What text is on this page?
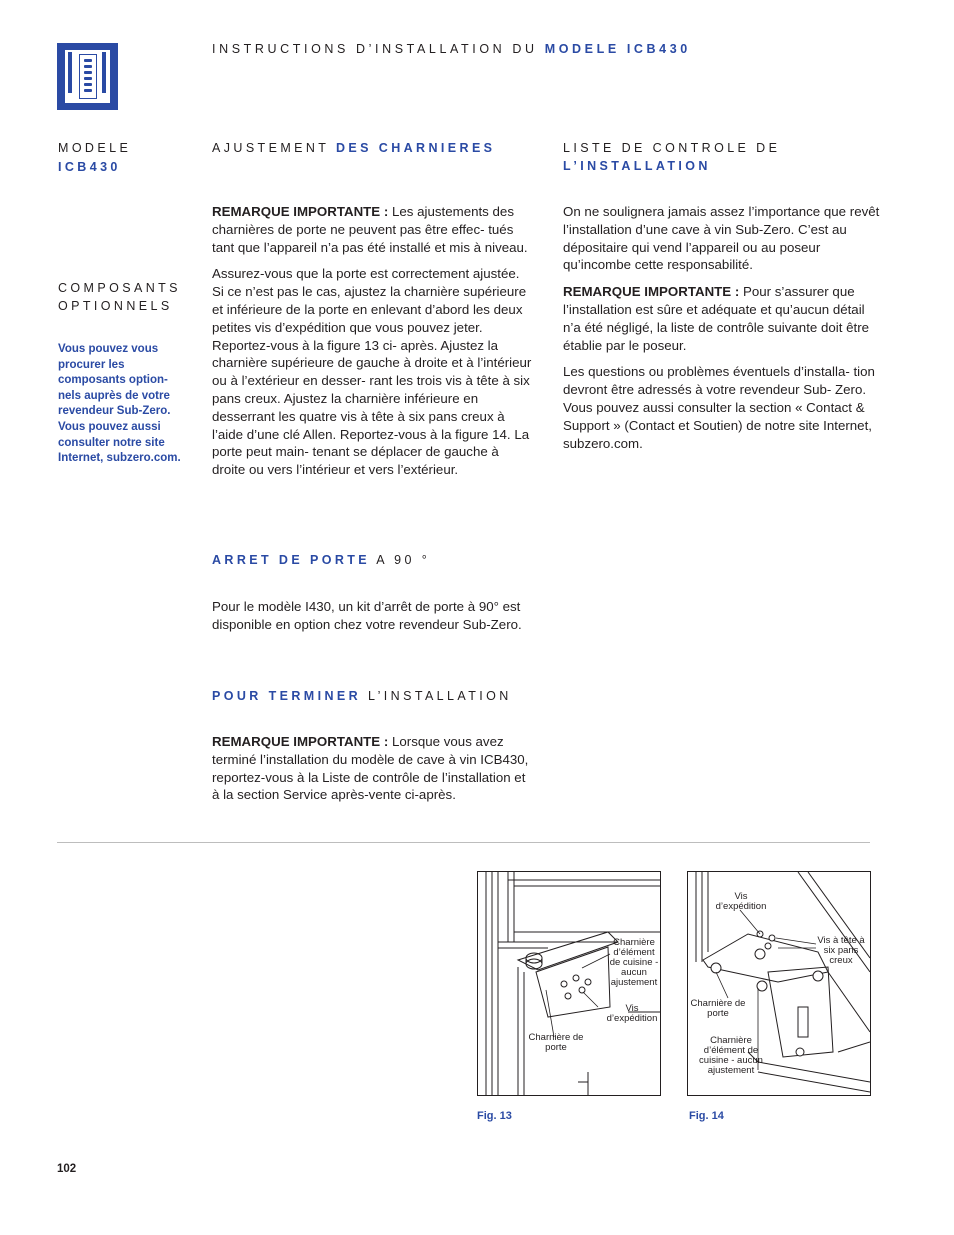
INSTRUCTIONS D’INSTALLATION DU MODELE ICB430
MODELE
ICB430
COMPOSANTS
OPTIONNELS
Vous pouvez vous procurer les composants option- nels auprès de votre revendeur Sub-Zero. Vous pouvez aussi consulter notre site Internet, subzero.com.
AJUSTEMENT DES CHARNIERES

REMARQUE IMPORTANTE : Les ajustements des charnières de porte ne peuvent pas être effec- tués tant que l’appareil n’a pas été installé et mis à niveau.

Assurez-vous que la porte est correctement ajustée. Si ce n’est pas le cas, ajustez la charnière supérieure et inférieure de la porte en enlevant d’abord les deux petites vis d’expédition que vous pouvez jeter. Reportez-vous à la figure 13 ci- après. Ajustez la charnière supérieure de gauche à droite et à l’intérieur ou à l’extérieur en desser- rant les trois vis à tête à six pans creux. Ajustez la charnière inférieure en desserrant les quatre vis à tête à six pans creux à l’aide d’une clé Allen. Reportez-vous à la figure 14. La porte peut main- tenant se déplacer de gauche à droite ou vers l’intérieur et vers l’extérieur.

ARRET DE PORTE A 90 °

Pour le modèle I430, un kit d’arrêt de porte à 90° est disponible en option chez votre revendeur Sub-Zero.

POUR TERMINER L’INSTALLATION

REMARQUE IMPORTANTE : Lorsque vous avez terminé l’installation du modèle de cave à vin ICB430, reportez-vous à la Liste de contrôle de l’installation et à la section Service après-vente ci-après.

LISTE DE CONTROLE DE
L’INSTALLATION

On ne soulignera jamais assez l’importance que revêt l’installation d’une cave à vin Sub-Zero. C’est au dépositaire qui vend l’appareil ou au poseur qu’incombe cette responsabilité.

REMARQUE IMPORTANTE : Pour s’assurer que l’installation est sûre et adéquate et qu’aucun détail n’a été négligé, la liste de contrôle suivante doit être établie par le poseur.

Les questions ou problèmes éventuels d’installa- tion devront être adressés à votre revendeur Sub- Zero. Vous pouvez aussi consulter la section « Contact & Support » (Contact et Soutien) de notre site Internet, subzero.com.

Charnière d’élément de cuisine - aucun ajustement
Vis d’expédition
Charnière de porte
Fig. 13
Vis d’expédition
Vis à tête à six pans creux
Charnière de porte
Charnière d’élément de cuisine - aucun ajustement
Fig. 14
102
